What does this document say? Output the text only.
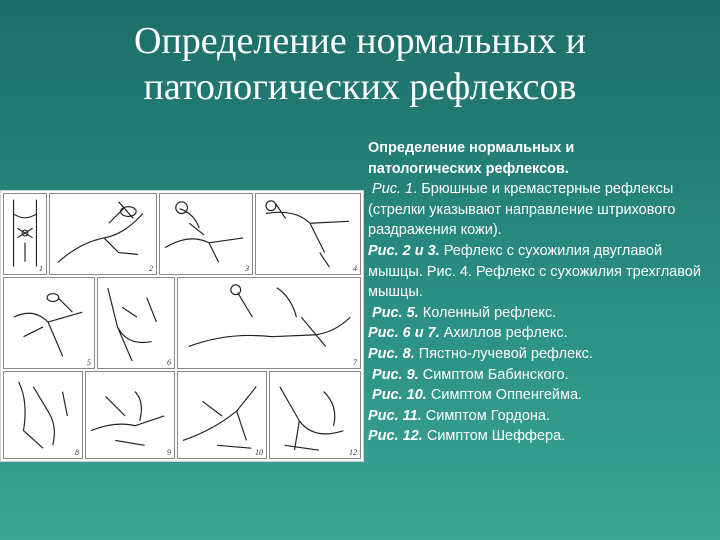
Определение нормальных и
патологических рефлексов
1	2	3	4
5	6	7
8	9	10	12

Определение нормальных и
патологических рефлексов.

Рис. 1. Брюшные и кремастерные рефлексы (стрелки указывают направление штрихового раздражения кожи).

Рис. 2 и 3. Рефлекс с сухожилия двуглавой мышцы. Рис. 4. Рефлекс с сухожилия трехглавой мышцы.

Рис. 5. Коленный рефлекс.

Рис. 6 и 7. Ахиллов рефлекс.

Рис. 8. Пястно-лучевой рефлекс.

Рис. 9. Симптом Бабинского.

Рис. 10. Симптом Оппенгейма.

Рис. 11. Симптом Гордона.

Рис. 12. Симптом Шеффера.
